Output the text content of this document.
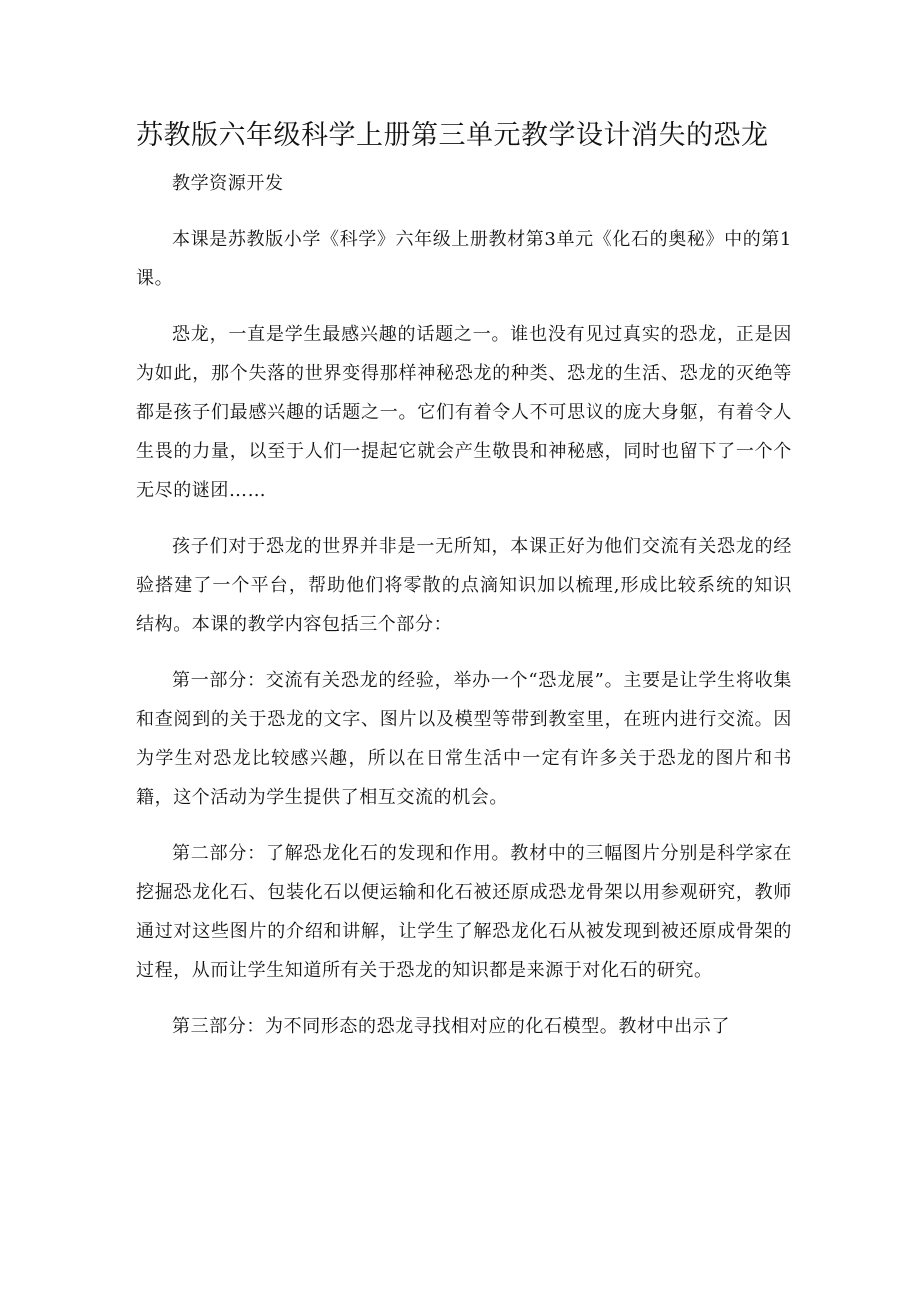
苏教版六年级科学上册第三单元教学设计消失的恐龙

教学资源开发

本课是苏教版小学《科学》六年级上册教材第3单元《化石的奥秘》中的第1课。

恐龙，一直是学生最感兴趣的话题之一。谁也没有见过真实的恐龙，正是因为如此，那个失落的世界变得那样神秘恐龙的种类、恐龙的生活、恐龙的灭绝等都是孩子们最感兴趣的话题之一。它们有着令人不可思议的庞大身躯，有着令人生畏的力量，以至于人们一提起它就会产生敬畏和神秘感，同时也留下了一个个无尽的谜团……

孩子们对于恐龙的世界并非是一无所知，本课正好为他们交流有关恐龙的经验搭建了一个平台，帮助他们将零散的点滴知识加以梳理,形成比较系统的知识结构。本课的教学内容包括三个部分：

第一部分：交流有关恐龙的经验，举办一个“恐龙展”。主要是让学生将收集和查阅到的关于恐龙的文字、图片以及模型等带到教室里，在班内进行交流。因为学生对恐龙比较感兴趣，所以在日常生活中一定有许多关于恐龙的图片和书籍，这个活动为学生提供了相互交流的机会。

第二部分：了解恐龙化石的发现和作用。教材中的三幅图片分别是科学家在挖掘恐龙化石、包装化石以便运输和化石被还原成恐龙骨架以用参观研究，教师通过对这些图片的介绍和讲解，让学生了解恐龙化石从被发现到被还原成骨架的过程，从而让学生知道所有关于恐龙的知识都是来源于对化石的研究。

第三部分：为不同形态的恐龙寻找相对应的化石模型。教材中出示了
